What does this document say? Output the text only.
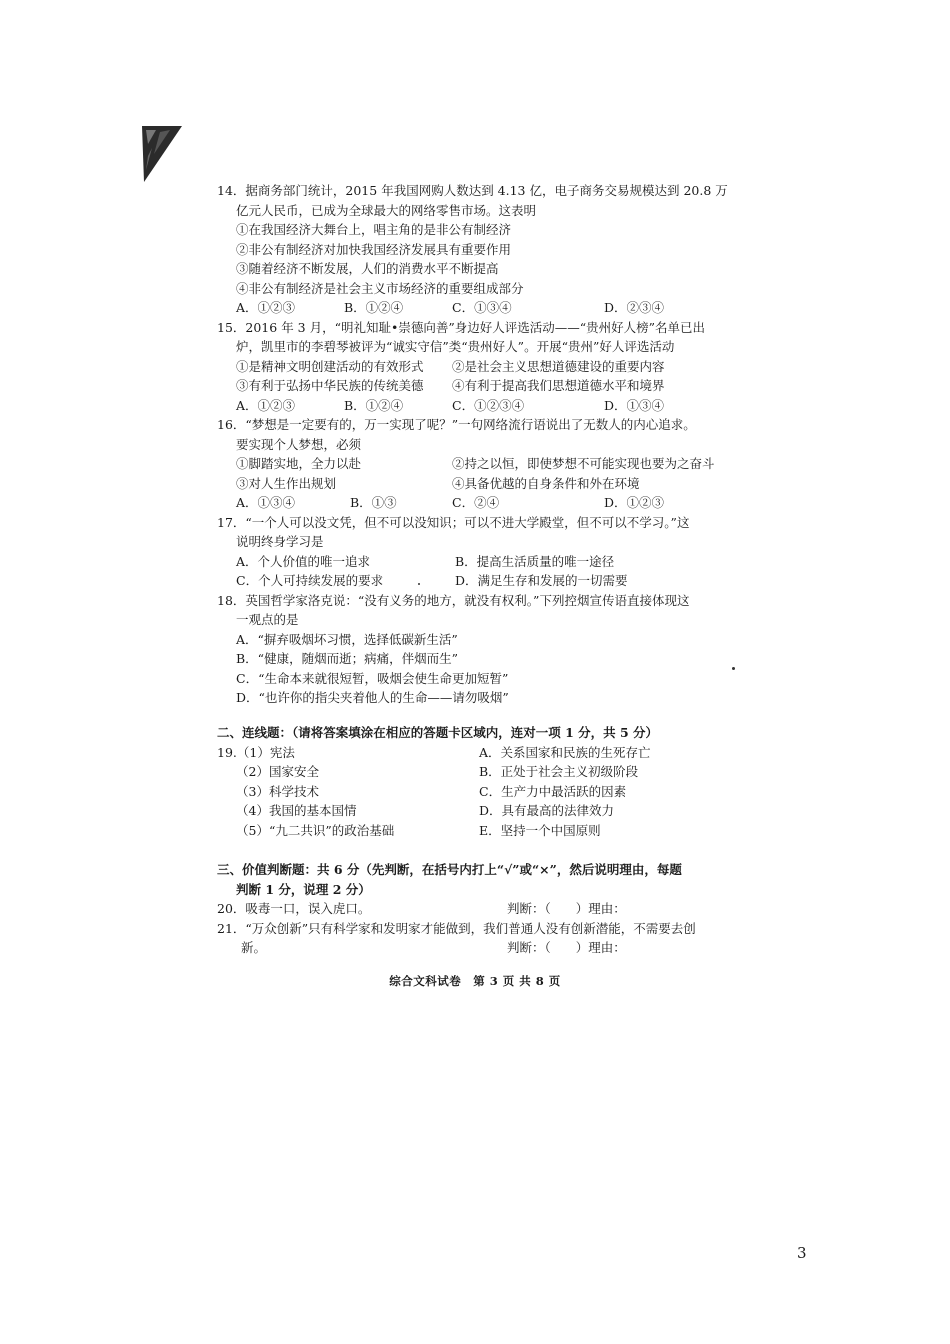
14．据商务部门统计，2015 年我国网购人数达到 4.13 亿，电子商务交易规模达到 20.8 万
亿元人民币，已成为全球最大的网络零售市场。这表明
①在我国经济大舞台上，唱主角的是非公有制经济
②非公有制经济对加快我国经济发展具有重要作用
③随着经济不断发展，人们的消费水平不断提高
④非公有制经济是社会主义市场经济的重要组成部分
A．①②③	B．①②④	C．①③④	D．②③④
15．2016 年 3 月，“明礼知耻•崇德向善”身边好人评选活动——“贵州好人榜”名单已出
炉，凯里市的李碧琴被评为“诚实守信”类“贵州好人”。开展“贵州”好人评选活动
①是精神文明创建活动的有效形式 ②是社会主义思想道德建设的重要内容
③有利于弘扬中华民族的传统美德 ④有利于提高我们思想道德水平和境界
A．①②③	B．①②④	C．①②③④	D．①③④
16．“梦想是一定要有的，万一实现了呢？”一句网络流行语说出了无数人的内心追求。
要实现个人梦想，必须
①脚踏实地，全力以赴	②持之以恒，即使梦想不可能实现也要为之奋斗
③对人生作出规划	④具备优越的自身条件和外在环境
A．①③④	B．①③	C．②④	D．①②③
17．“一个人可以没文凭，但不可以没知识；可以不进大学殿堂，但不可以不学习。”这
说明终身学习是
A．个人价值的唯一追求	B．提高生活质量的唯一途径
C．个人可持续发展的要求	D．满足生存和发展的一切需要
18．英国哲学家洛克说：“没有义务的地方，就没有权利。”下列控烟宣传语直接体现这
一观点的是
A．“摒弃吸烟坏习惯，选择低碳新生活”
B．“健康，随烟而逝；病痛，伴烟而生”
C．“生命本来就很短暂，吸烟会使生命更加短暂”
D．“也许你的指尖夹着他人的生命——请勿吸烟”
二、连线题：（请将答案填涂在相应的答题卡区域内，连对一项 1 分，共 5 分）
19.（1）宪法	A．关系国家和民族的生死存亡
（2）国家安全	B．正处于社会主义初级阶段
（3）科学技术	C．生产力中最活跃的因素
（4）我国的基本国情	D．具有最高的法律效力
（5）“九二共识”的政治基础	E．坚持一个中国原则
三、价值判断题：共 6 分（先判断，在括号内打上“√”或“×”，然后说明理由，每题
判断 1 分，说理 2 分）
20．吸毒一口，误入虎口。	判断：（　　）理由：
21．“万众创新”只有科学家和发明家才能做到，我们普通人没有创新潜能，不需要去创
判断：（　　）理由：
新。
综合文科试卷　第 3 页 共 8 页
3
